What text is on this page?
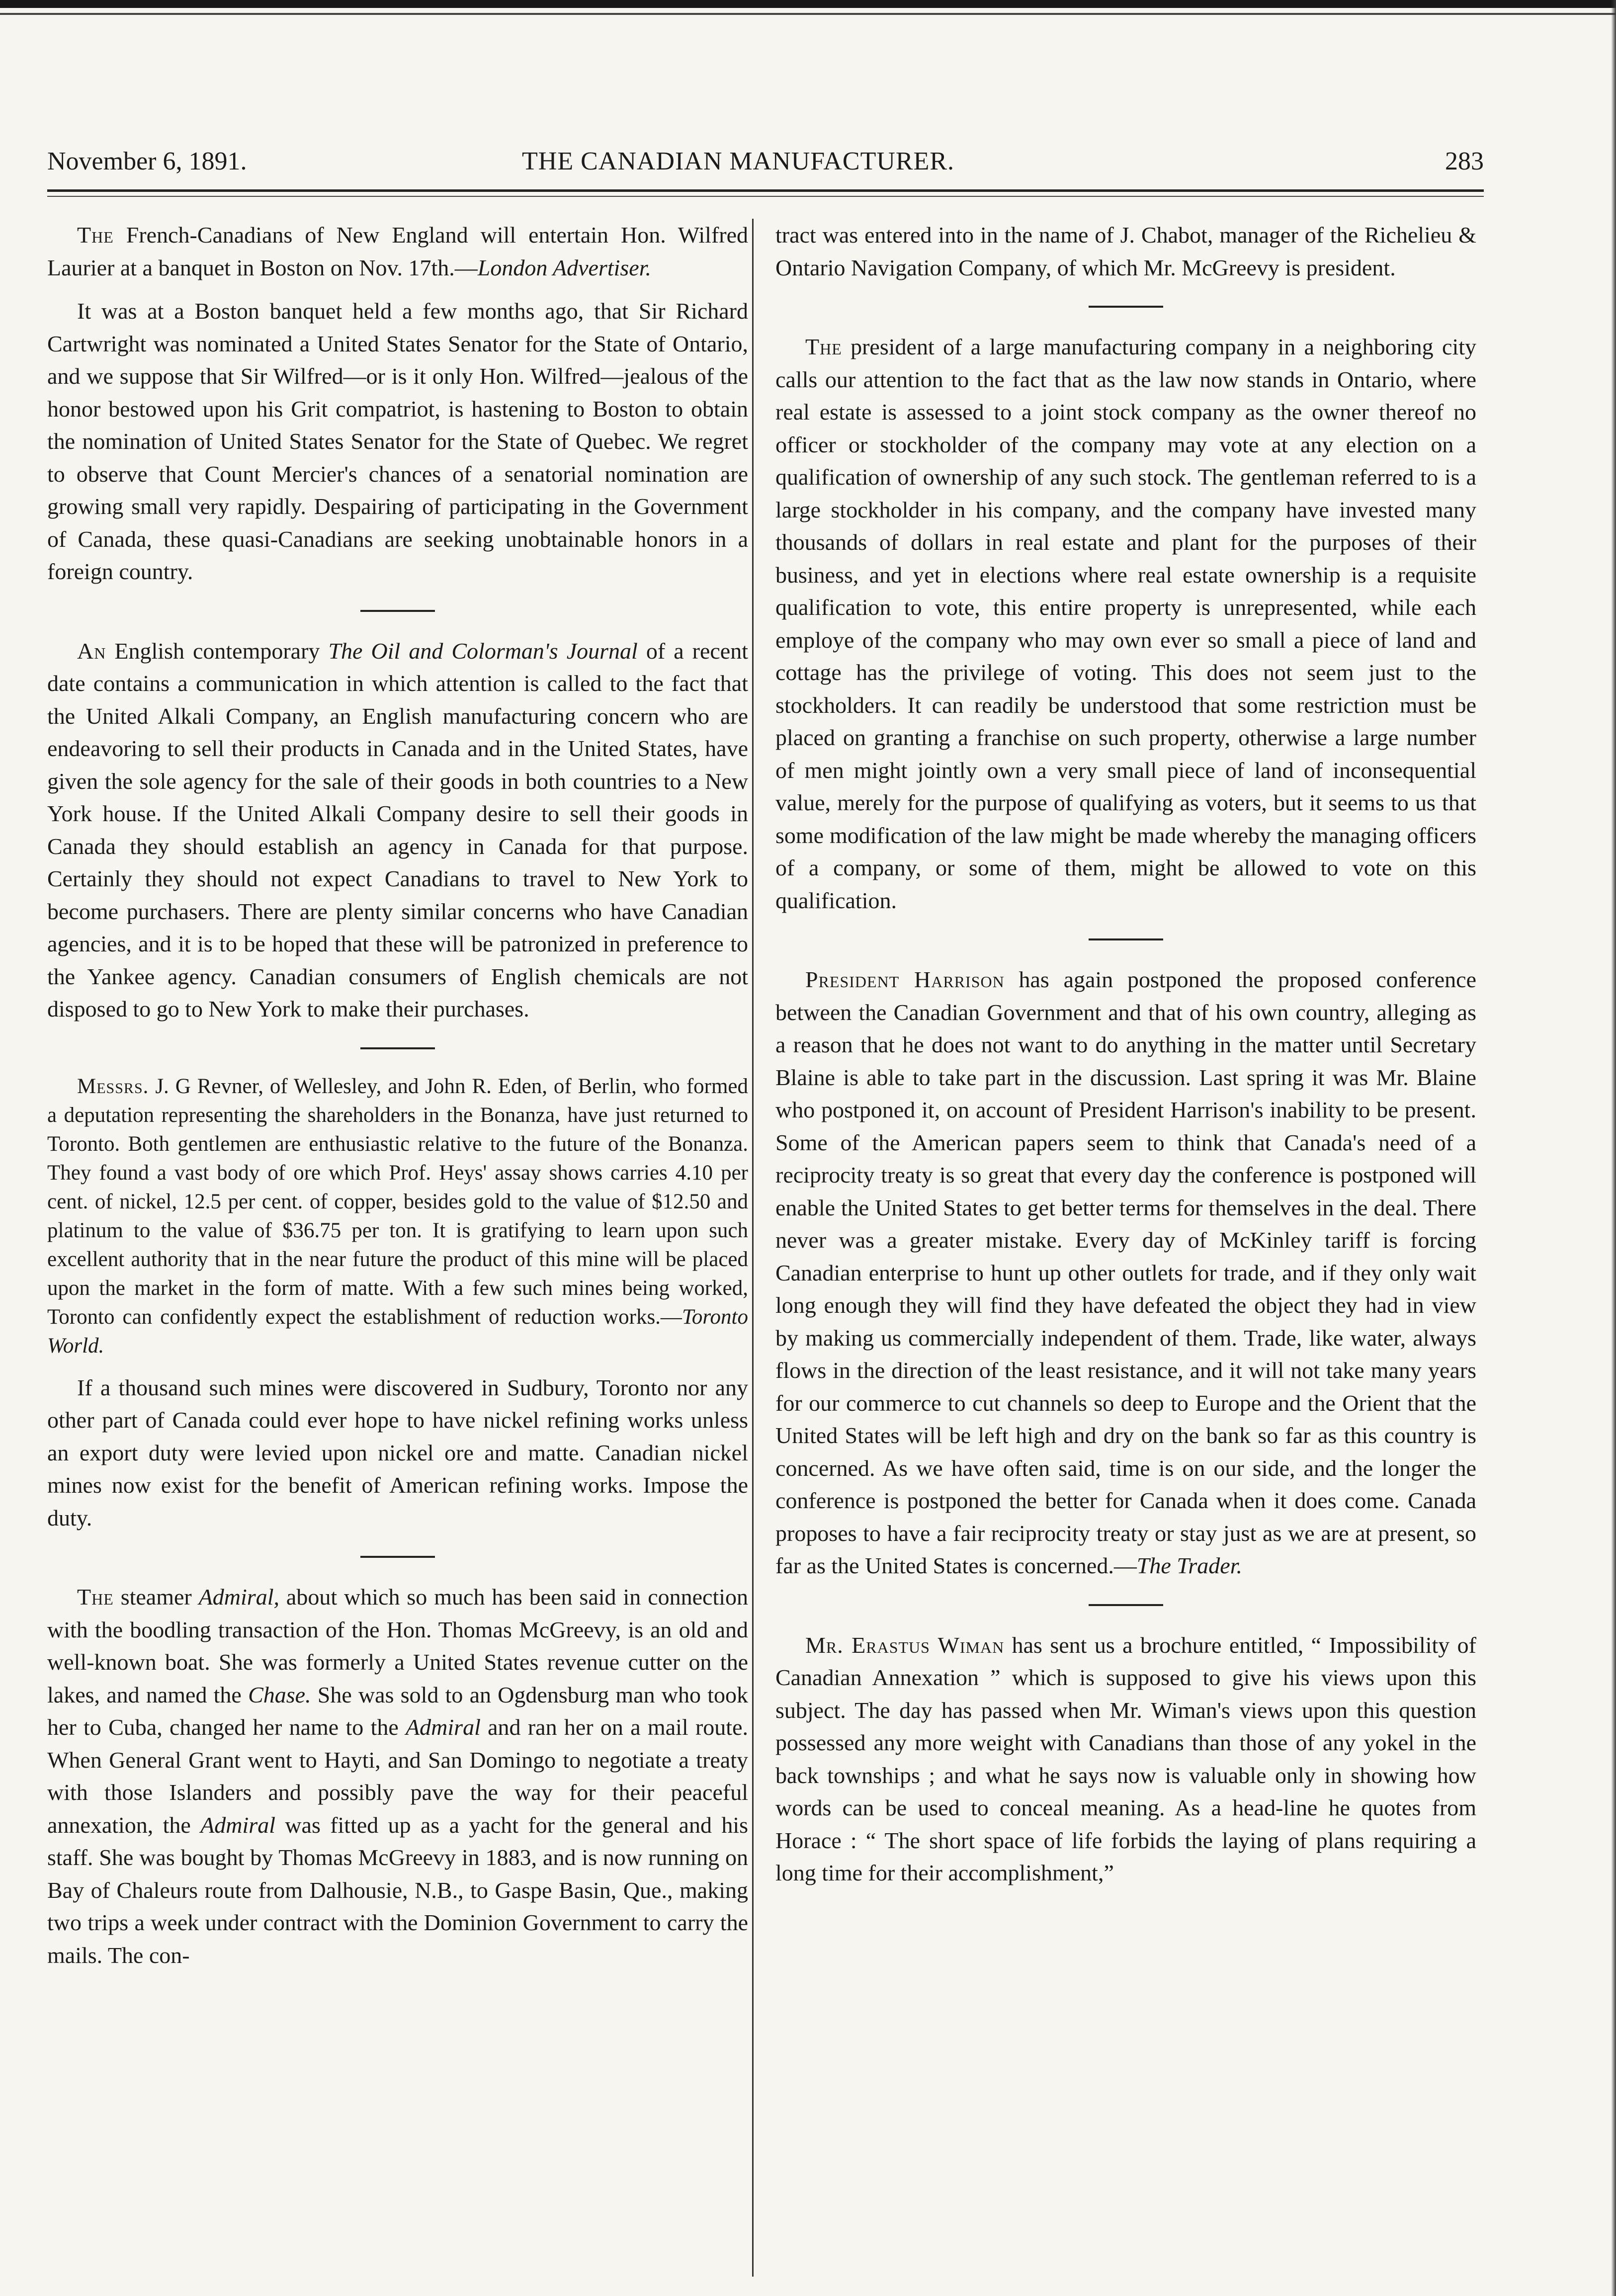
November 6, 1891.	THE CANADIAN MANUFACTURER.	283

The French-Canadians of New England will entertain Hon. Wilfred Laurier at a banquet in Boston on Nov. 17th.—London Advertiser.

It was at a Boston banquet held a few months ago, that Sir Richard Cartwright was nominated a United States Senator for the State of Ontario, and we suppose that Sir Wilfred—or is it only Hon. Wilfred—jealous of the honor bestowed upon his Grit compatriot, is hastening to Boston to obtain the nomination of United States Senator for the State of Quebec. We regret to observe that Count Mercier's chances of a senatorial nomination are growing small very rapidly. Despairing of participating in the Government of Canada, these quasi-Canadians are seeking unobtainable honors in a foreign country.

An English contemporary The Oil and Colorman's Journal of a recent date contains a communication in which attention is called to the fact that the United Alkali Company, an English manufacturing concern who are endeavoring to sell their products in Canada and in the United States, have given the sole agency for the sale of their goods in both countries to a New York house. If the United Alkali Company desire to sell their goods in Canada they should establish an agency in Canada for that purpose. Certainly they should not expect Canadians to travel to New York to become purchasers. There are plenty similar concerns who have Canadian agencies, and it is to be hoped that these will be patronized in preference to the Yankee agency. Canadian consumers of English chemicals are not disposed to go to New York to make their purchases.

Messrs. J. G Revner, of Wellesley, and John R. Eden, of Berlin, who formed a deputation representing the shareholders in the Bonanza, have just returned to Toronto. Both gentlemen are enthusiastic relative to the future of the Bonanza. They found a vast body of ore which Prof. Heys' assay shows carries 4.10 per cent. of nickel, 12.5 per cent. of copper, besides gold to the value of $12.50 and platinum to the value of $36.75 per ton. It is gratifying to learn upon such excellent authority that in the near future the product of this mine will be placed upon the market in the form of matte. With a few such mines being worked, Toronto can confidently expect the establishment of reduction works.—Toronto World.

If a thousand such mines were discovered in Sudbury, Toronto nor any other part of Canada could ever hope to have nickel refining works unless an export duty were levied upon nickel ore and matte. Canadian nickel mines now exist for the benefit of American refining works. Impose the duty.

The steamer Admiral, about which so much has been said in connection with the boodling transaction of the Hon. Thomas McGreevy, is an old and well-known boat. She was formerly a United States revenue cutter on the lakes, and named the Chase. She was sold to an Ogdensburg man who took her to Cuba, changed her name to the Admiral and ran her on a mail route. When General Grant went to Hayti, and San Domingo to negotiate a treaty with those Islanders and possibly pave the way for their peaceful annexation, the Admiral was fitted up as a yacht for the general and his staff. She was bought by Thomas McGreevy in 1883, and is now running on Bay of Chaleurs route from Dalhousie, N.B., to Gaspe Basin, Que., making two trips a week under contract with the Dominion Government to carry the mails. The con-

tract was entered into in the name of J. Chabot, manager of the Richelieu & Ontario Navigation Company, of which Mr. McGreevy is president.

The president of a large manufacturing company in a neighboring city calls our attention to the fact that as the law now stands in Ontario, where real estate is assessed to a joint stock company as the owner thereof no officer or stockholder of the company may vote at any election on a qualification of ownership of any such stock. The gentleman referred to is a large stockholder in his company, and the company have invested many thousands of dollars in real estate and plant for the purposes of their business, and yet in elections where real estate ownership is a requisite qualification to vote, this entire property is unrepresented, while each employe of the company who may own ever so small a piece of land and cottage has the privilege of voting. This does not seem just to the stockholders. It can readily be understood that some restriction must be placed on granting a franchise on such property, otherwise a large number of men might jointly own a very small piece of land of inconsequential value, merely for the purpose of qualifying as voters, but it seems to us that some modification of the law might be made whereby the managing officers of a company, or some of them, might be allowed to vote on this qualification.

President Harrison has again postponed the proposed conference between the Canadian Government and that of his own country, alleging as a reason that he does not want to do anything in the matter until Secretary Blaine is able to take part in the discussion. Last spring it was Mr. Blaine who postponed it, on account of President Harrison's inability to be present. Some of the American papers seem to think that Canada's need of a reciprocity treaty is so great that every day the conference is postponed will enable the United States to get better terms for themselves in the deal. There never was a greater mistake. Every day of McKinley tariff is forcing Canadian enterprise to hunt up other outlets for trade, and if they only wait long enough they will find they have defeated the object they had in view by making us commercially independent of them. Trade, like water, always flows in the direction of the least resistance, and it will not take many years for our commerce to cut channels so deep to Europe and the Orient that the United States will be left high and dry on the bank so far as this country is concerned. As we have often said, time is on our side, and the longer the conference is postponed the better for Canada when it does come. Canada proposes to have a fair reciprocity treaty or stay just as we are at present, so far as the United States is concerned.—The Trader.

Mr. Erastus Wiman has sent us a brochure entitled, “ Impossibility of Canadian Annexation ” which is supposed to give his views upon this subject. The day has passed when Mr. Wiman's views upon this question possessed any more weight with Canadians than those of any yokel in the back townships ; and what he says now is valuable only in showing how words can be used to conceal meaning. As a head-line he quotes from Horace : “ The short space of life forbids the laying of plans requiring a long time for their accomplishment,”
